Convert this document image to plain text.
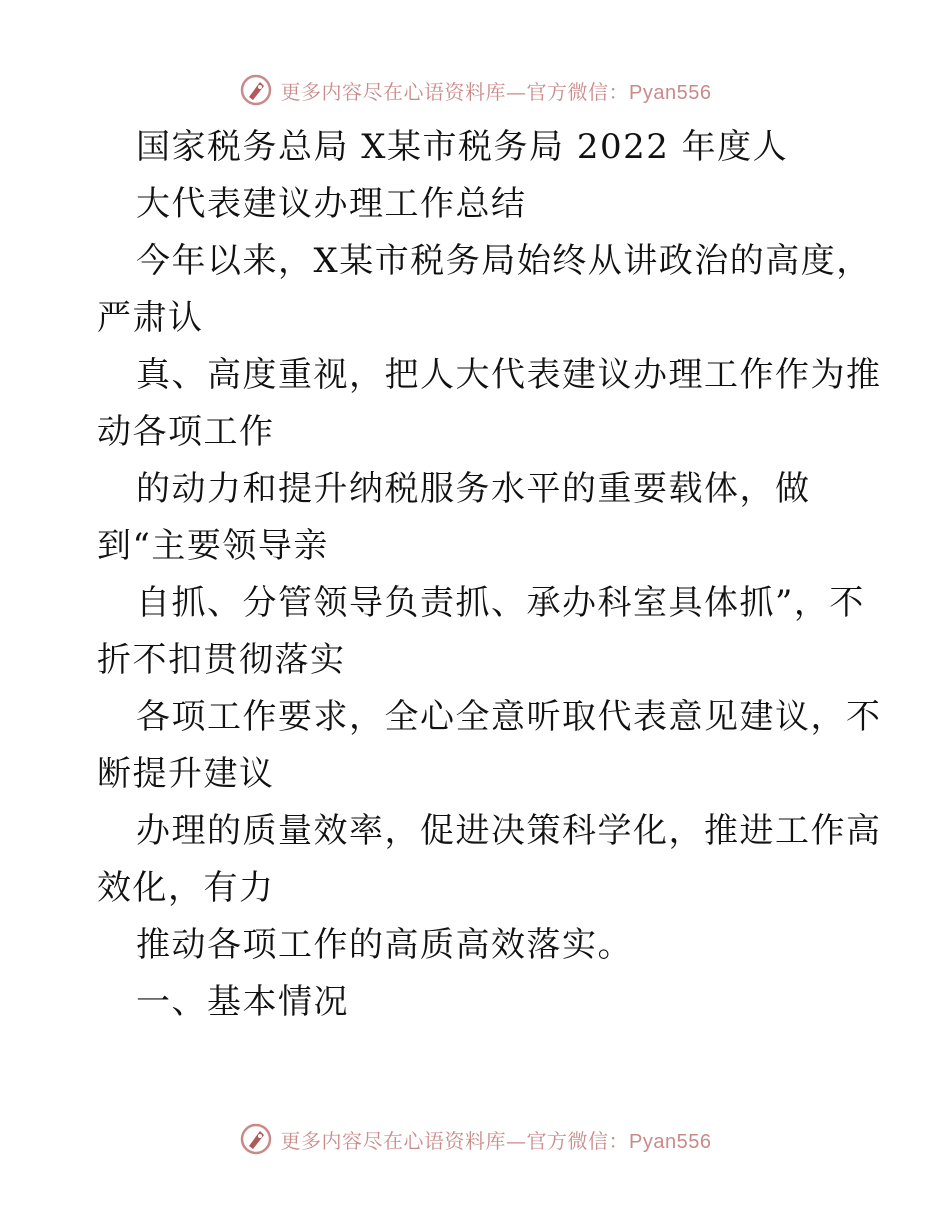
更多内容尽在心语资料库—官方微信：Pyan556
国家税务总局 X某市税务局 2022 年度人
大代表建议办理工作总结
今年以来，X某市税务局始终从讲政治的高度，
严肃认
真、高度重视，把人大代表建议办理工作作为推
动各项工作
的动力和提升纳税服务水平的重要载体，做
到“主要领导亲
自抓、分管领导负责抓、承办科室具体抓”，不
折不扣贯彻落实
各项工作要求，全心全意听取代表意见建议，不
断提升建议
办理的质量效率，促进决策科学化，推进工作高
效化，有力
推动各项工作的高质高效落实。
一、基本情况
更多内容尽在心语资料库—官方微信：Pyan556
